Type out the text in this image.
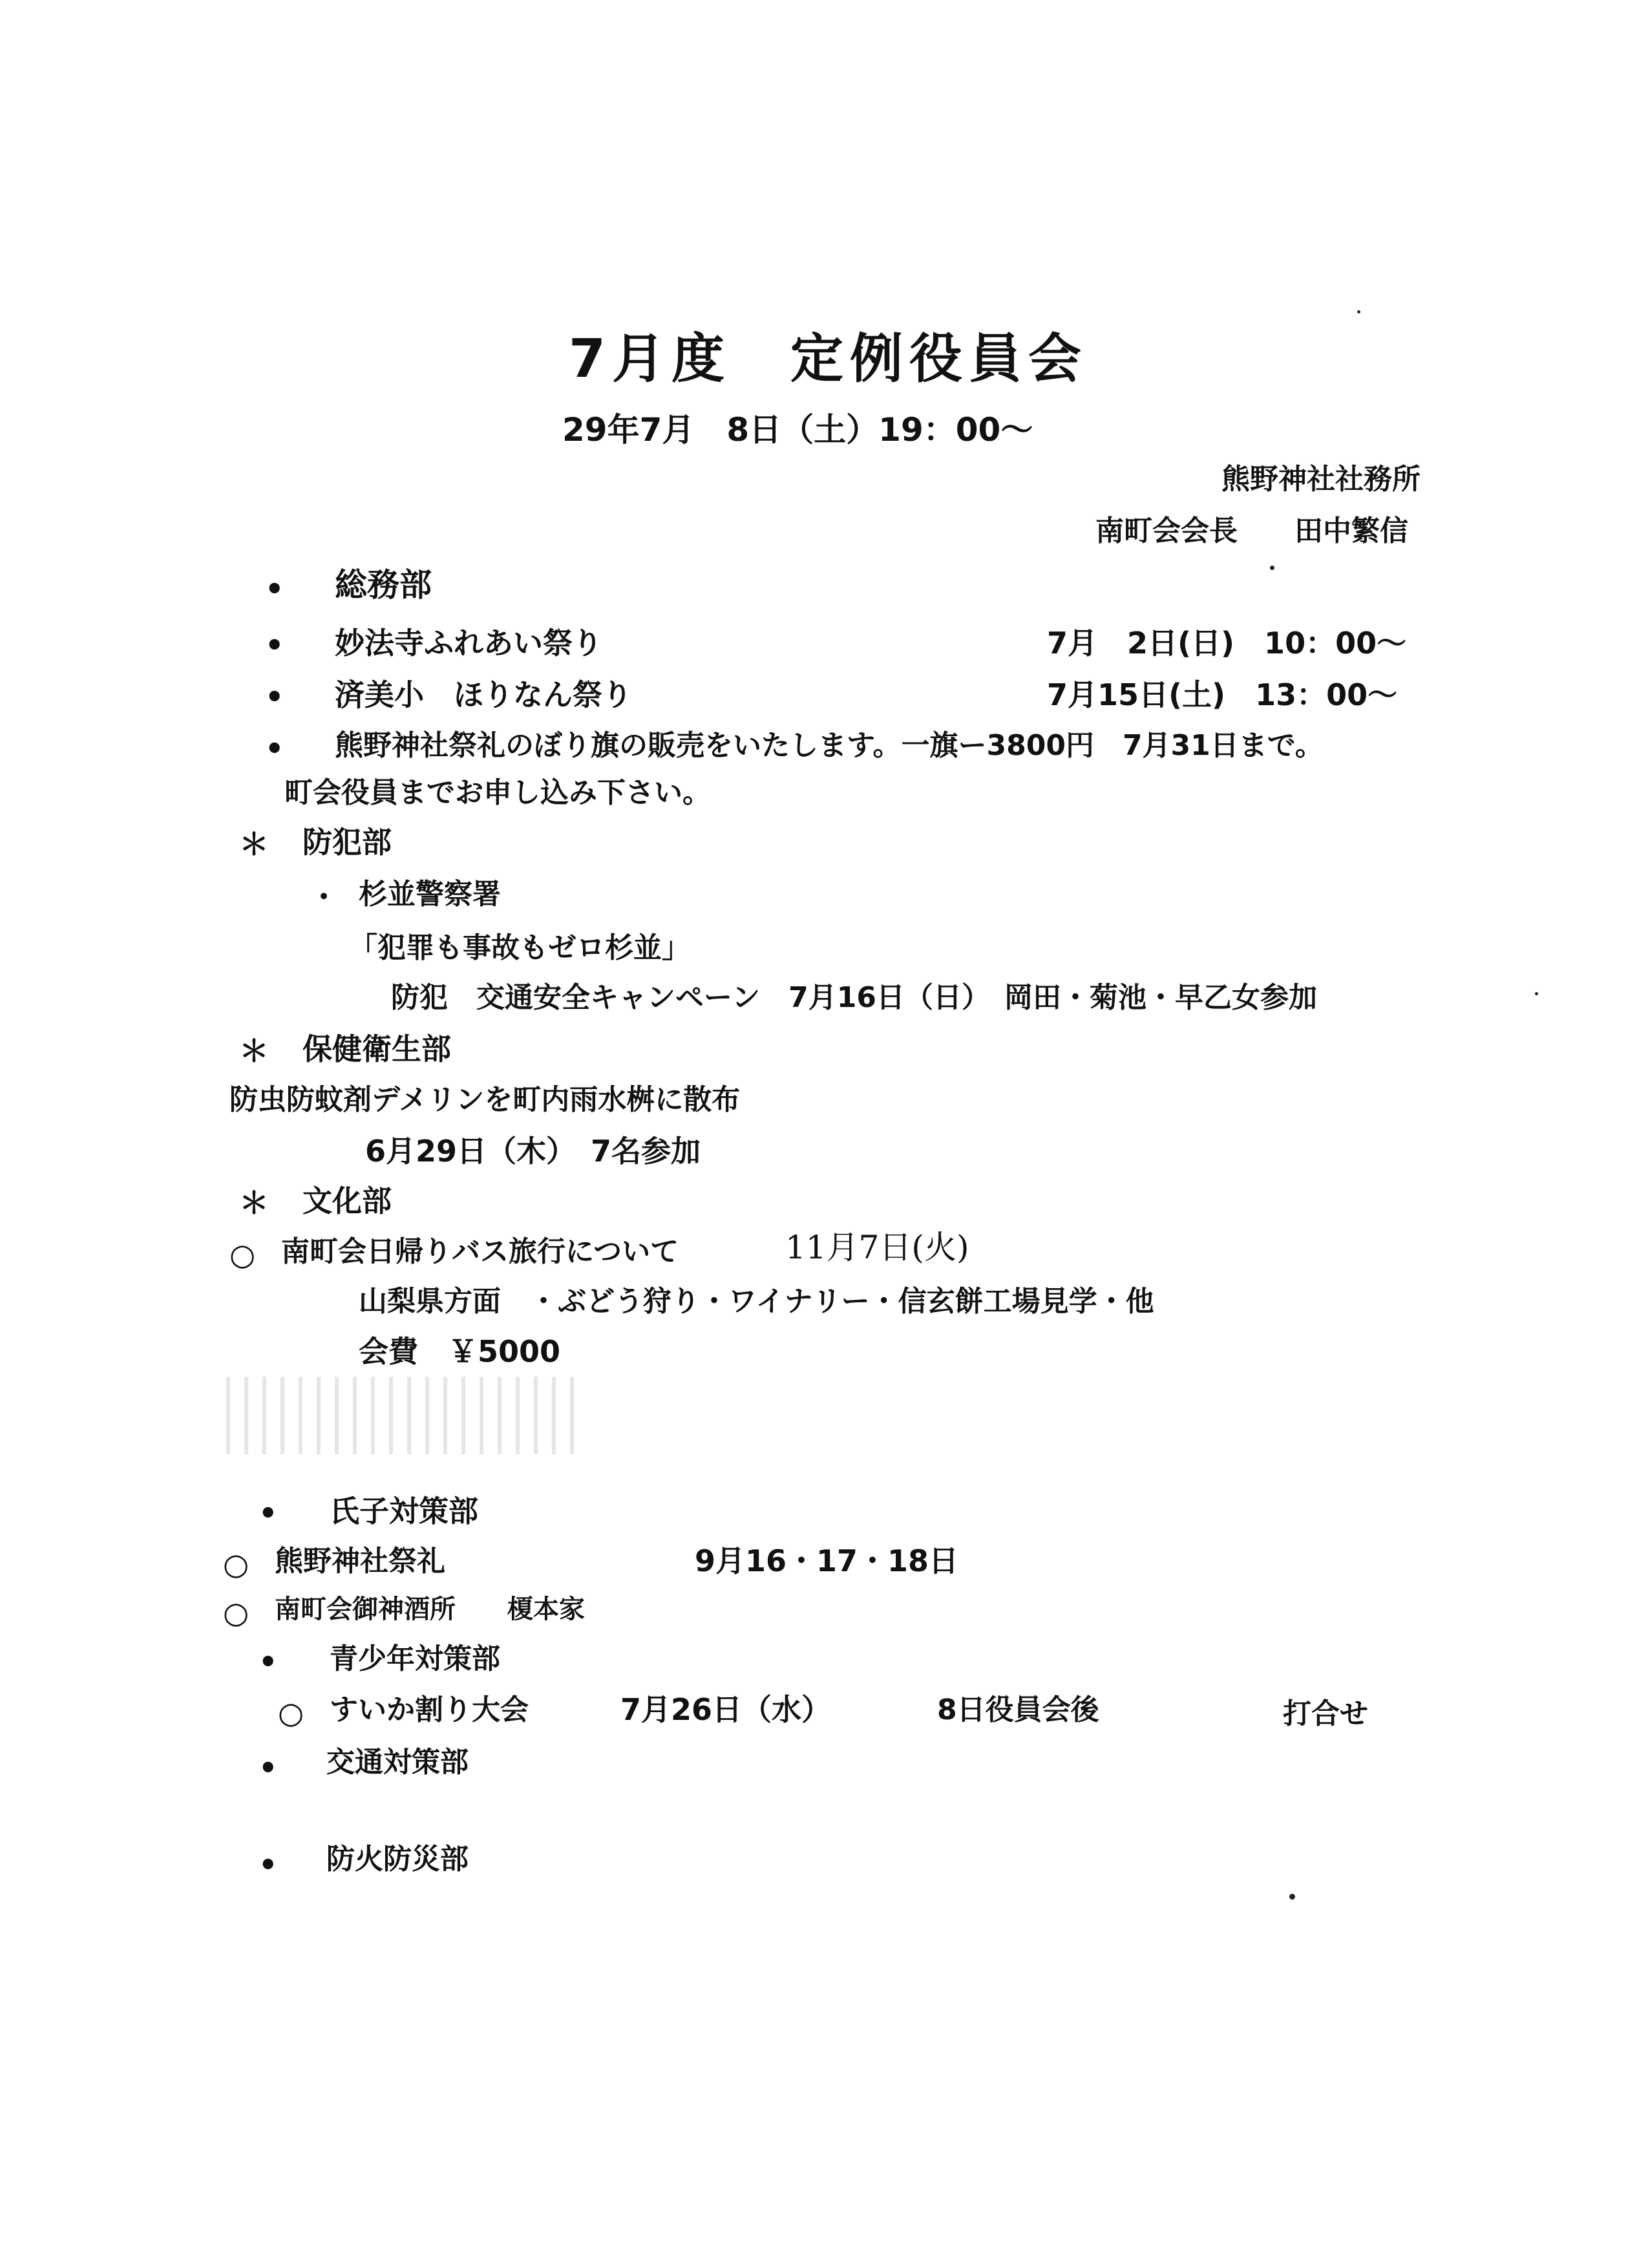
7月度　定例役員会
29年7月　8日（土）19：00～
熊野神社社務所
南町会会長　　田中繁信
• 総務部
• 妙法寺ふれあい祭り	7月　2日(日)　10：00～
• 済美小　ほりなん祭り	7月15日(土)　13：00～
• 熊野神社祭礼のぼり旗の販売をいたします。一旗ー3800円　7月31日まで。
町会役員までお申し込み下さい。
＊ 防犯部
・ 杉並警察署
「犯罪も事故もゼロ杉並」
防犯　交通安全キャンペーン　7月16日（日）　岡田・菊池・早乙女参加
＊ 保健衛生部
防虫防蚊剤デメリンを町内雨水桝に散布
6月29日（木）　7名参加
＊ 文化部
○ 南町会日帰りバス旅行について	11月7日(火)
山梨県方面　・ぶどう狩り・ワイナリー・信玄餅工場見学・他
会費　￥5000
• 氏子対策部
○ 熊野神社祭礼	9月16・17・18日
○ 南町会御神酒所　　榎本家
• 青少年対策部
○ すいか割り大会	7月26日（水）	8日役員会後	打合せ
• 交通対策部
• 防火防災部
